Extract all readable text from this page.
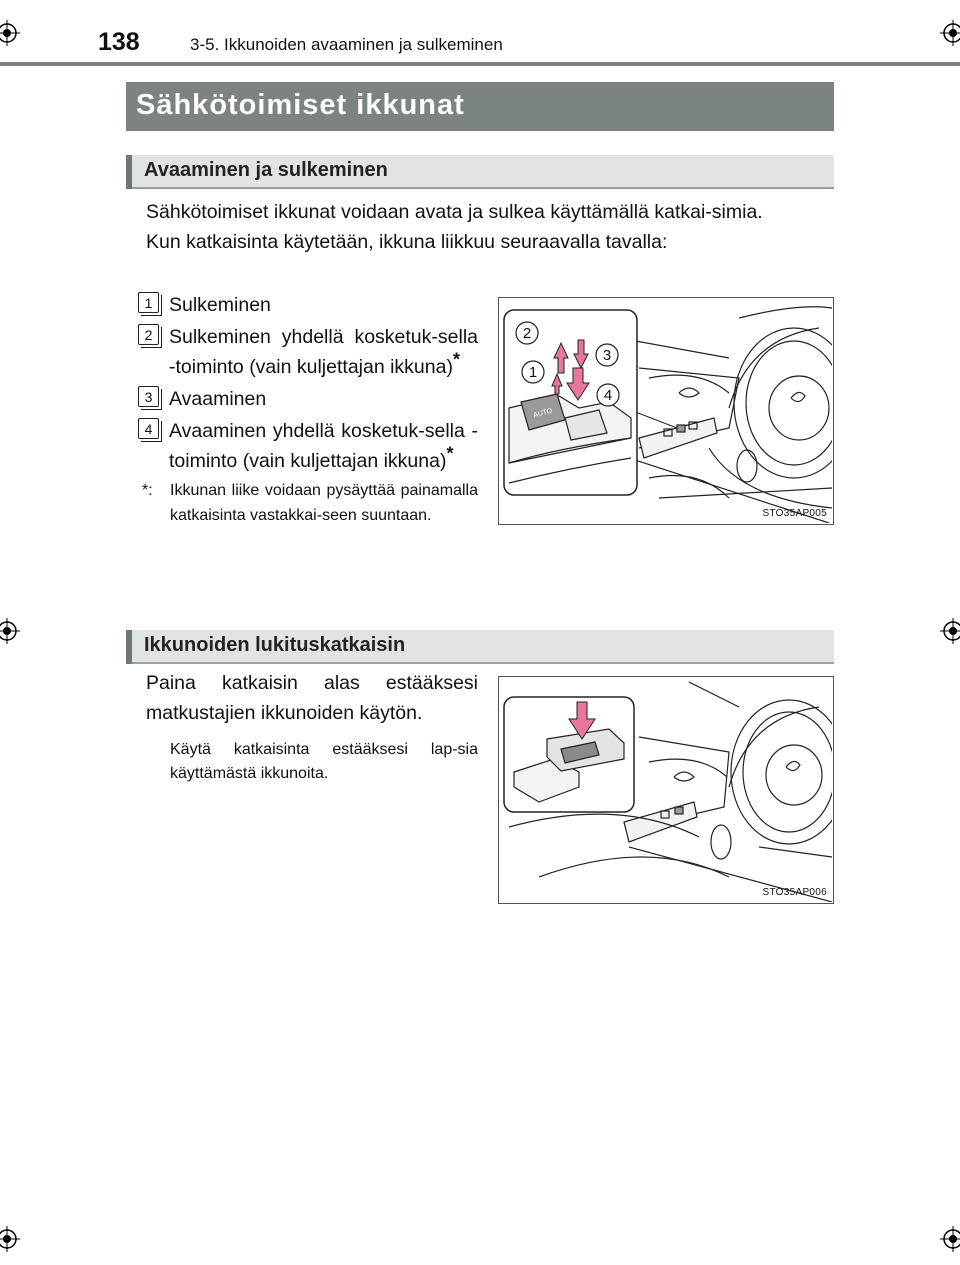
138	3-5. Ikkunoiden avaaminen ja sulkeminen
Sähkötoimiset ikkunat
Avaaminen ja sulkeminen
Sähkötoimiset ikkunat voidaan avata ja sulkea käyttämällä katkai-simia.
Kun katkaisinta käytetään, ikkuna liikkuu seuraavalla tavalla:
1 Sulkeminen
2 Sulkeminen yhdellä kosketuk-sella -toiminto (vain kuljettajan ikkuna)*
3 Avaaminen
4 Avaaminen yhdellä kosketuk-sella -toiminto (vain kuljettajan ikkuna)*
*: Ikkunan liike voidaan pysäyttää painamalla katkaisinta vastakkai-seen suuntaan.
AUTO
2
1
3
4
STO35AP005
Ikkunoiden lukituskatkaisin
Paina katkaisin alas estääksesi matkustajien ikkunoiden käytön.
Käytä katkaisinta estääksesi lap-sia käyttämästä ikkunoita.
STO35AP006
